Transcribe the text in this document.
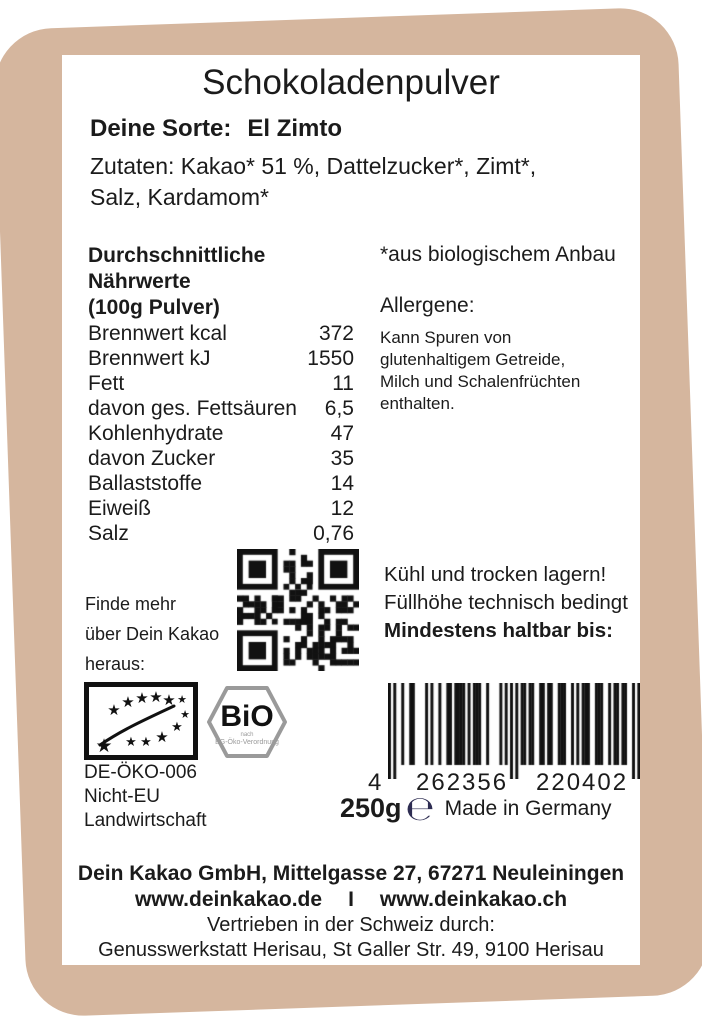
Schokoladenpulver
Deine Sorte: El Zimto
Zutaten: Kakao* 51 %, Dattelzucker*, Zimt*,
Salz, Kardamom*
Durchschnittliche Nährwerte
(100g Pulver)
Brennwert kcal	372
Brennwert kJ	1550
Fett	11
davon ges. Fettsäuren 6,5
Kohlenhydrate	47
davon Zucker	35
Ballaststoffe	14
Eiweiß	12
Salz	0,76
*aus biologischem Anbau
Allergene:
Kann Spuren von
glutenhaltigem Getreide,
Milch und Schalenfrüchten
enthalten.
Finde mehr
über Dein Kakao
heraus:
Kühl und trocken lagern!
Füllhöhe technisch bedingt
Mindestens haltbar bis:
★ ★ ★ ★ ★ ★
★
★
★
★
★
★
BiO
nach
EG-Öko-Verordnung
DE-ÖKO-006
Nicht-EU
Landwirtschaft
4 262356 220402
250g ℮ Made in Germany
Dein Kakao GmbH, Mittelgasse 27, 67271 Neuleiningen
www.deinkakao.de I www.deinkakao.ch
Vertrieben in der Schweiz durch:
Genusswerkstatt Herisau, St Galler Str. 49, 9100 Herisau
